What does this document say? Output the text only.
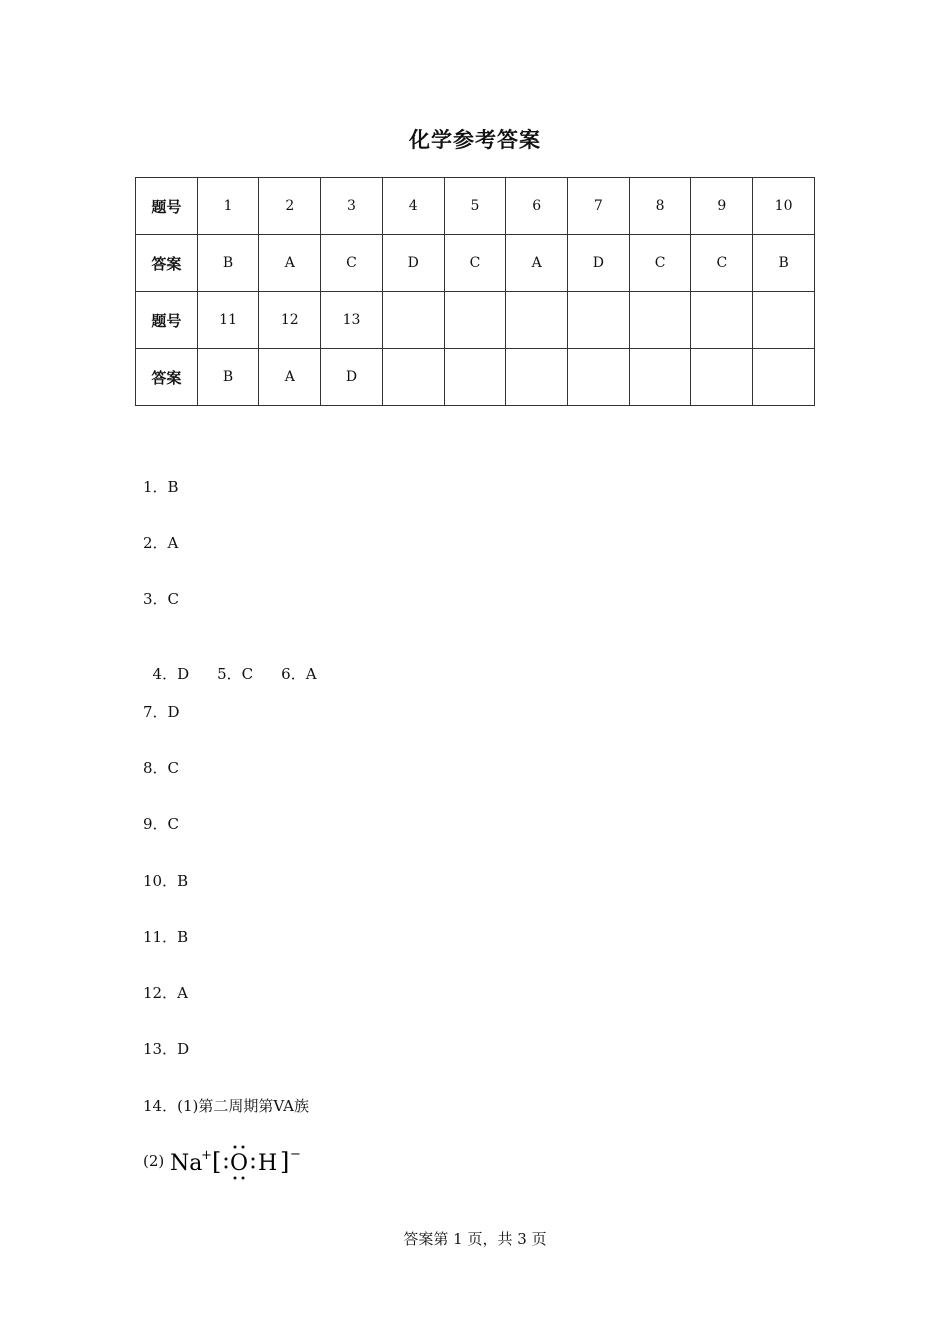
化学参考答案
题号	1	2	3	4	5	6	7	8	9	10
答案	B	A	C	D	C	A	D	C	C	B
题号	11	12	13							
答案	B	A	D							
1．B
2．A
3．C

4．D 5．C 6．A

7．D
8．C
9．C
10．B
11．B
12．A
13．D
14．(1)第二周期第VA族
(2) Na
+ [ O H ] −
答案第 1 页，共 3 页
